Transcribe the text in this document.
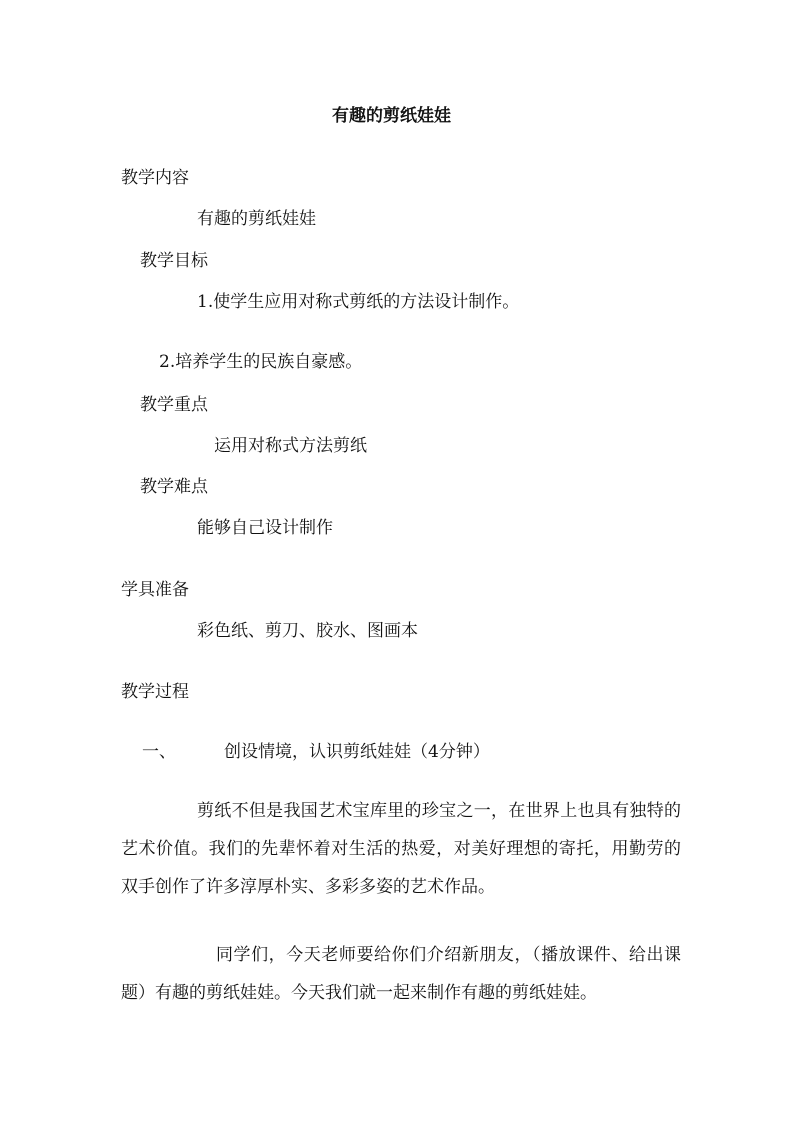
有趣的剪纸娃娃
教学内容
有趣的剪纸娃娃
教学目标
1.使学生应用对称式剪纸的方法设计制作。
2.培养学生的民族自豪感。
教学重点
运用对称式方法剪纸
教学难点
能够自己设计制作
学具准备
彩色纸、剪刀、胶水、图画本
教学过程
一、	创设情境，认识剪纸娃娃（4分钟）
剪纸不但是我国艺术宝库里的珍宝之一，在世界上也具有独特的艺术价值。我们的先辈怀着对生活的热爱，对美好理想的寄托，用勤劳的双手创作了许多淳厚朴实、多彩多姿的艺术作品。
同学们，今天老师要给你们介绍新朋友，（播放课件、给出课题）有趣的剪纸娃娃。今天我们就一起来制作有趣的剪纸娃娃。
